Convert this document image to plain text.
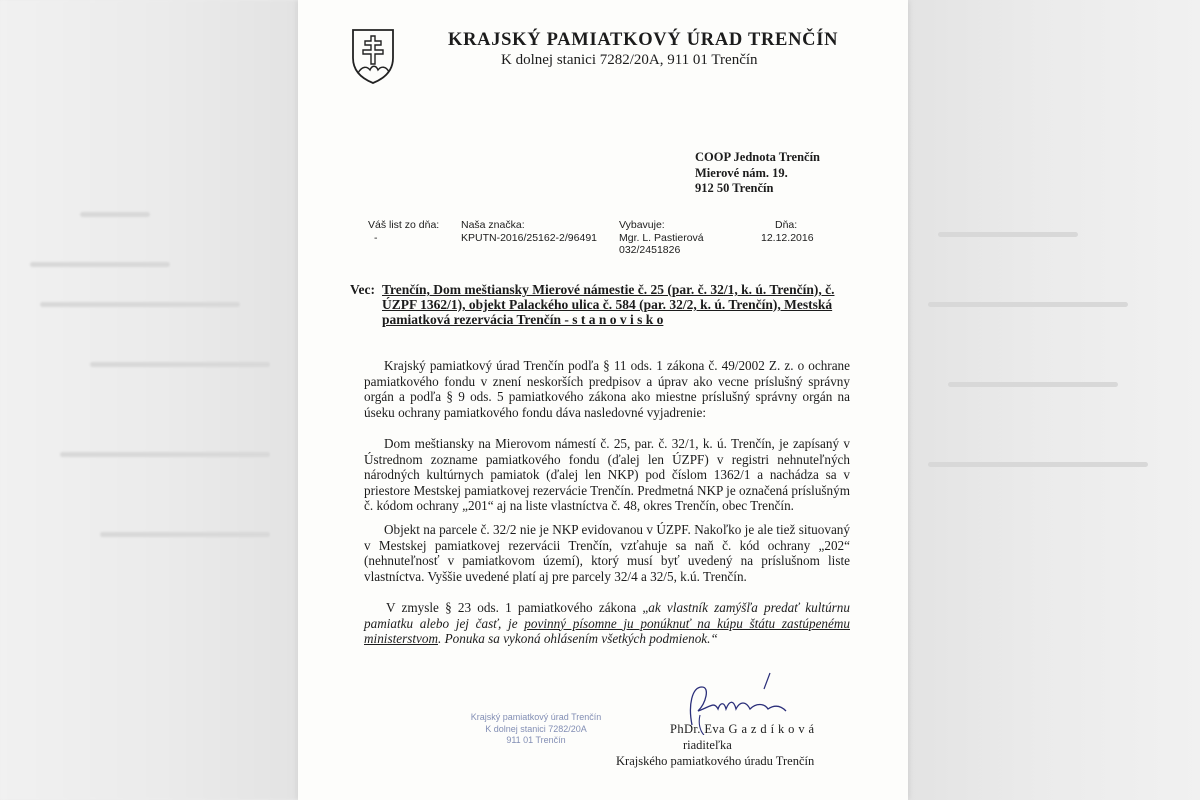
KRAJSKÝ PAMIATKOVÝ ÚRAD TRENČÍN
K dolnej stanici 7282/20A, 911 01 Trenčín
COOP Jednota Trenčín
Mierové nám. 19.
912 50 Trenčín
Váš list zo dňa:
-
Naša značka:
KPUTN-2016/25162-2/96491
Vybavuje:
Mgr. L. Pastierová
032/2451826
Dňa:
12.12.2016
Vec: Trenčín, Dom meštiansky Mierové námestie č. 25 (par. č. 32/1, k. ú. Trenčín), č. ÚZPF 1362/1), objekt Palackého ulica č. 584 (par. 32/2, k. ú. Trenčín), Mestská pamiatková rezervácia Trenčín - s t a n o v i s k o
Krajský pamiatkový úrad Trenčín podľa § 11 ods. 1 zákona č. 49/2002 Z. z. o ochrane pamiatkového fondu v znení neskorších predpisov a úprav ako vecne príslušný správny orgán a podľa § 9 ods. 5 pamiatkového zákona ako miestne príslušný správny orgán na úseku ochrany pamiatkového fondu dáva nasledovné vyjadrenie:
Dom meštiansky na Mierovom námestí č. 25, par. č. 32/1, k. ú. Trenčín, je zapísaný v Ústrednom zozname pamiatkového fondu (ďalej len ÚZPF) v registri nehnuteľných národných kultúrnych pamiatok (ďalej len NKP) pod číslom 1362/1 a nachádza sa v priestore Mestskej pamiatkovej rezervácie Trenčín. Predmetná NKP je označená príslušným č. kódom ochrany „201“ aj na liste vlastníctva č. 48, okres Trenčín, obec Trenčín.
Objekt na parcele č. 32/2 nie je NKP evidovanou v ÚZPF. Nakoľko je ale tiež situovaný v Mestskej pamiatkovej rezervácii Trenčín, vzťahuje sa naň č. kód ochrany „202“ (nehnuteľnosť v pamiatkovom území), ktorý musí byť uvedený na príslušnom liste vlastníctva. Vyššie uvedené platí aj pre parcely 32/4 a 32/5, k.ú. Trenčín.
V zmysle § 23 ods. 1 pamiatkového zákona „ak vlastník zamýšľa predať kultúrnu pamiatku alebo jej časť, je povinný písomne ju ponúknuť na kúpu štátu zastúpenému ministerstvom. Ponuka sa vykoná ohlásením všetkých podmienok.“
Krajský pamiatkový úrad Trenčín
K dolnej stanici 7282/20A
911 01 Trenčín
PhDr. Eva G a z d í k o v á
riaditeľka
Krajského pamiatkového úradu Trenčín
